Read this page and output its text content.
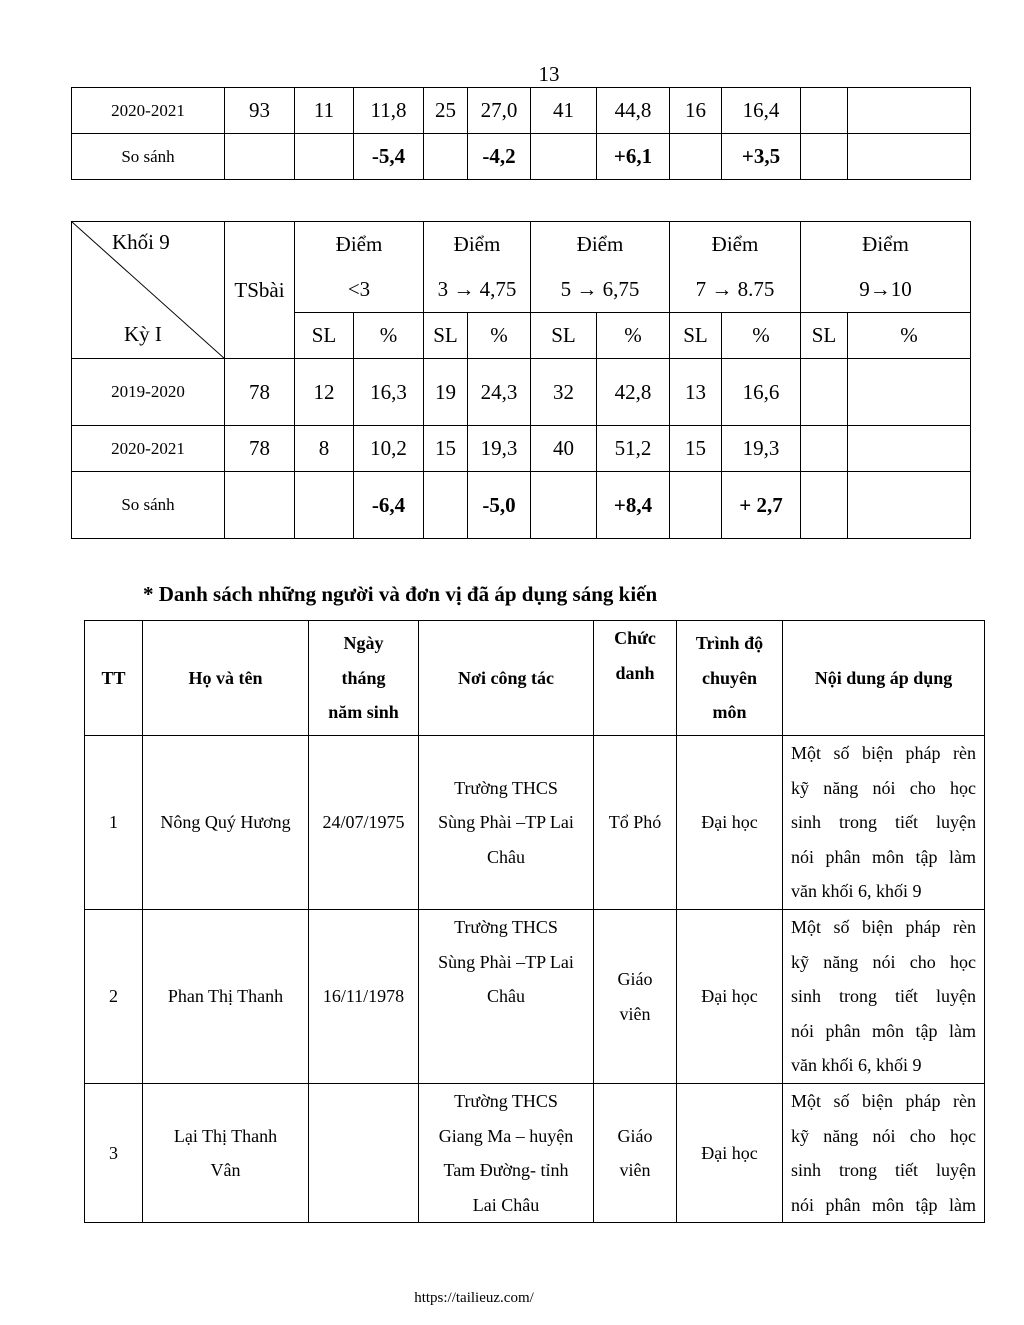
13
2020-2021	93	11	11,8	25	27,0	41	44,8	16	16,4		
So sánh			-5,4		-4,2		+6,1		+3,5		
Khối 9
Kỳ I	TSbài	Điểm		Điểm		Điểm		Điểm		Điểm	
		<3		3 → 4,75		5 → 6,75		7 → 8.75		9→10	
		SL	%	SL	%	SL	%	SL	%	SL	%
2019-2020	78	12	16,3	19	24,3	32	42,8	13	16,6		
2020-2021	78	8	10,2	15	19,3	40	51,2	15	19,3		
So sánh			-6,4		-5,0		+8,4		+ 2,7		
* Danh sách những người và đơn vị đã áp dụng sáng kiến
TT	Họ và tên	Ngày
tháng
năm sinh	Nơi công tác	Chức
danh	Trình độ
chuyên
môn	Nội dung áp dụng
1	Nông Quý Hương	24/07/1975	Trường THCS
Sùng Phài –TP Lai
Châu	Tổ Phó	Đại học	Một số biện pháp rèn
kỹ năng nói cho học
sinh trong tiết luyện
nói phân môn tập làm
văn khối 6, khối 9

2	Phan Thị Thanh	16/11/1978	Trường THCS
Sùng Phài –TP Lai
Châu	Giáo
viên	Đại học	Một số biện pháp rèn
kỹ năng nói cho học
sinh trong tiết luyện
nói phân môn tập làm
văn khối 6, khối 9

3	Lại Thị Thanh
Vân		Trường THCS
Giang Ma – huyện
Tam Đường- tỉnh
Lai Châu	Giáo
viên	Đại học	Một số biện pháp rèn
kỹ năng nói cho học
sinh trong tiết luyện
nói phân môn tập làm
https://tailieuz.com/
